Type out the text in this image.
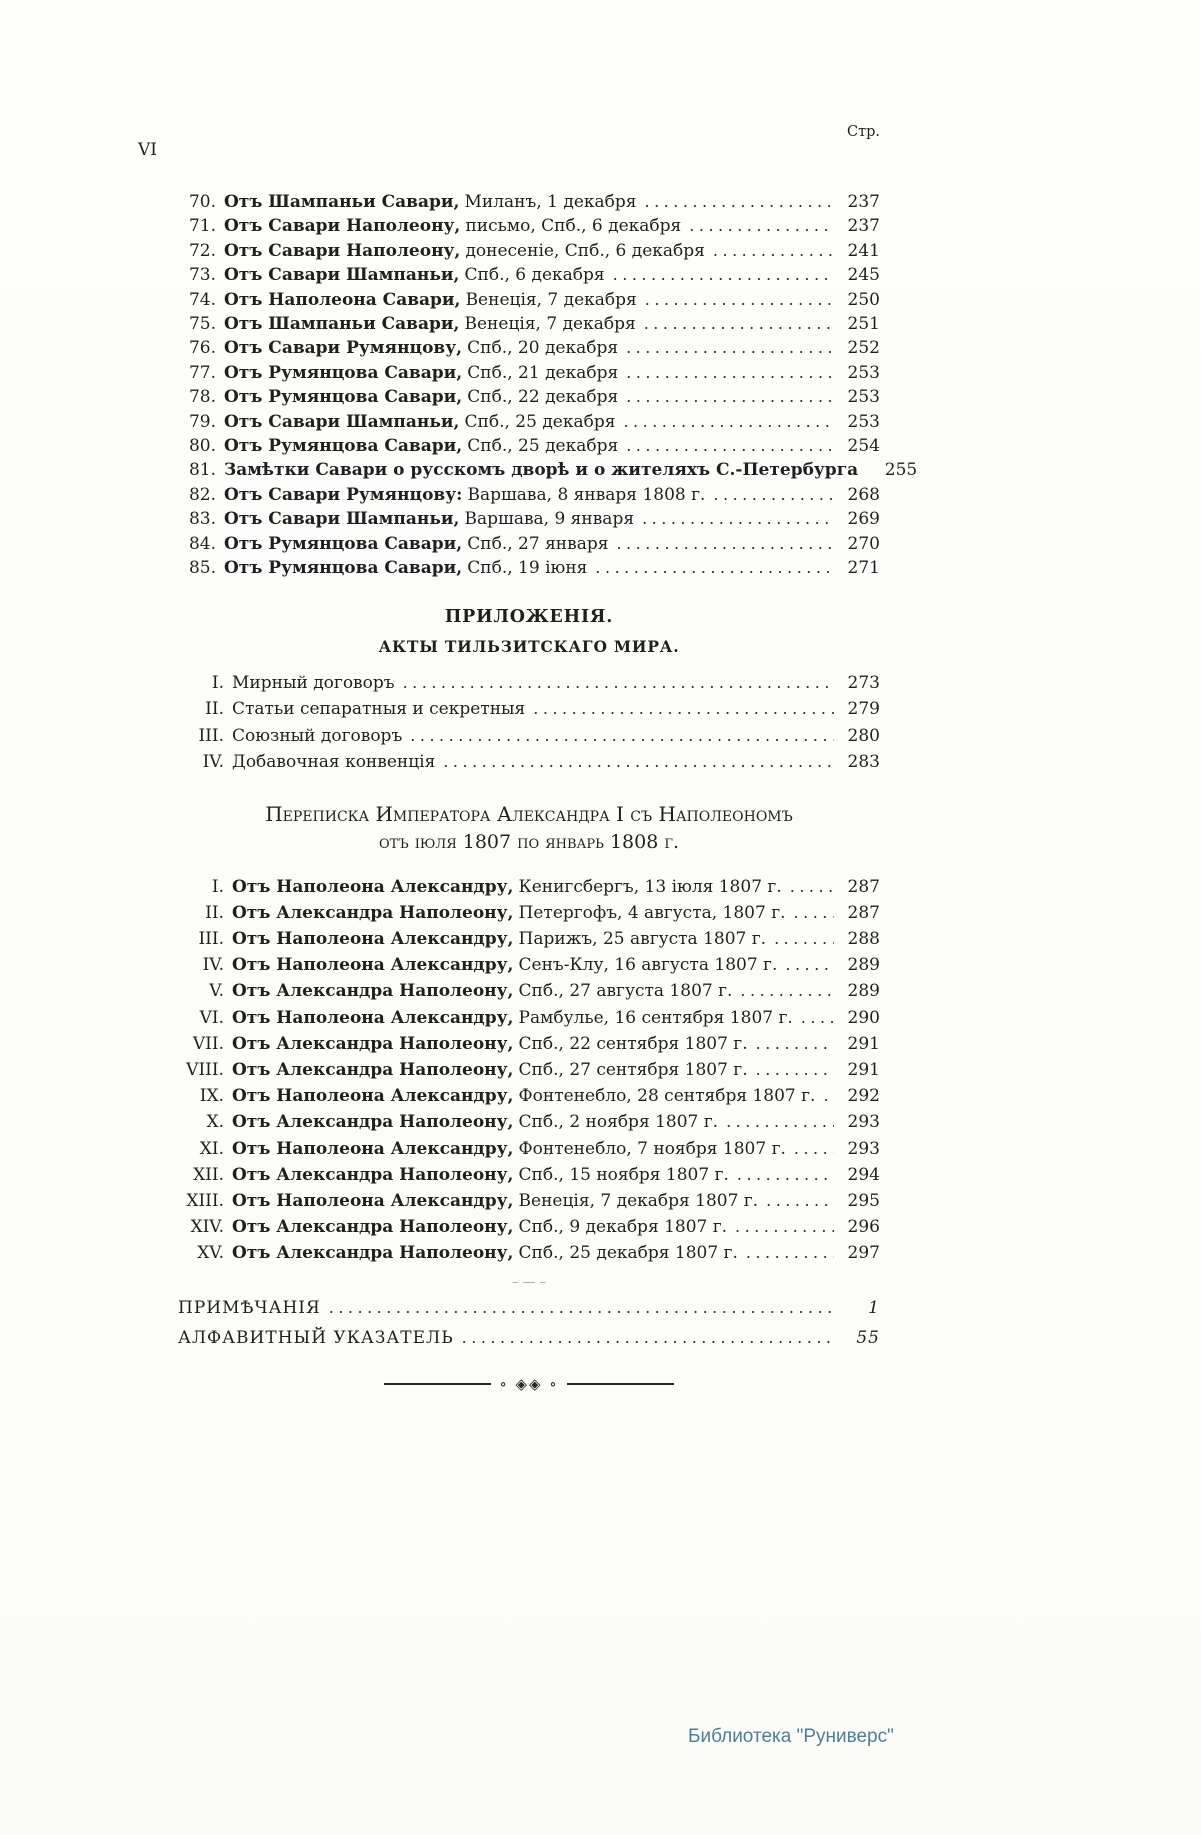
VI
Стр.
70. Отъ Шампаньи Савари, Миланъ, 1 декабря .....	237
71. Отъ Савари Наполеону, письмо, Спб., 6 декабря .....	237
72. Отъ Савари Наполеону, донесеніе, Спб., 6 декабря .....	241
73. Отъ Савари Шампаньи, Спб., 6 декабря .....	245
74. Отъ Наполеона Савари, Венеція, 7 декабря .....	250
75. Отъ Шампаньи Савари, Венеція, 7 декабря .....	251
76. Отъ Савари Румянцову, Спб., 20 декабря .....	252
77. Отъ Румянцова Савари, Спб., 21 декабря .....	253
78. Отъ Румянцова Савари, Спб., 22 декабря .....	253
79. Отъ Савари Шампаньи, Спб., 25 декабря .....	253
80. Отъ Румянцова Савари, Спб., 25 декабря .....	254
81. Замѣтки Савари о русскомъ дворѣ и о жителяхъ С.-Петербурга	255
82. Отъ Савари Румянцову: Варшава, 8 января 1808 г. .....	268
83. Отъ Савари Шампаньи, Варшава, 9 января .....	269
84. Отъ Румянцова Савари, Спб., 27 января .....	270
85. Отъ Румянцова Савари, Спб., 19 іюня .....	271
ПРИЛОЖЕНІЯ.
АКТЫ ТИЛЬЗИТСКАГО МИРА.
I. Мирный договоръ .....	273
II. Статьи сепаратныя и секретныя .....	279
III. Союзный договоръ .....	280
IV. Добавочная конвенція .....	283
Переписка Императора Александра I съ Наполеономъ
отъ іюля 1807 по январь 1808 г.
I. Отъ Наполеона Александру, Кенигсбергъ, 13 іюля 1807 г. .....	287
II. Отъ Александра Наполеону, Петергофъ, 4 августа, 1807 г. .....	287
III. Отъ Наполеона Александру, Парижъ, 25 августа 1807 г. .....	288
IV. Отъ Наполеона Александру, Сенъ-Клу, 16 августа 1807 г. .....	289
V. Отъ Александра Наполеону, Спб., 27 августа 1807 г. .....	289
VI. Отъ Наполеона Александру, Рамбулье, 16 сентября 1807 г. .....	290
VII. Отъ Александра Наполеону, Спб., 22 сентября 1807 г. .....	291
VIII. Отъ Александра Наполеону, Спб., 27 сентября 1807 г. .....	291
IX. Отъ Наполеона Александру, Фонтенебло, 28 сентября 1807 г. .....	292
X. Отъ Александра Наполеону, Спб., 2 ноября 1807 г. .....	293
XI. Отъ Наполеона Александру, Фонтенебло, 7 ноября 1807 г. .....	293
XII. Отъ Александра Наполеону, Спб., 15 ноября 1807 г. .....	294
XIII. Отъ Наполеона Александру, Венеція, 7 декабря 1807 г. .....	295
XIV. Отъ Александра Наполеону, Спб., 9 декабря 1807 г. .....	296
XV. Отъ Александра Наполеону, Спб., 25 декабря 1807 г. .....	297
– — –
ПРИМѢЧАНІЯ .....	1
АЛФАВИТНЫЙ УКАЗАТЕЛЬ .....	55
∘ ◈◈ ∘
Библиотека "Руниверс"
